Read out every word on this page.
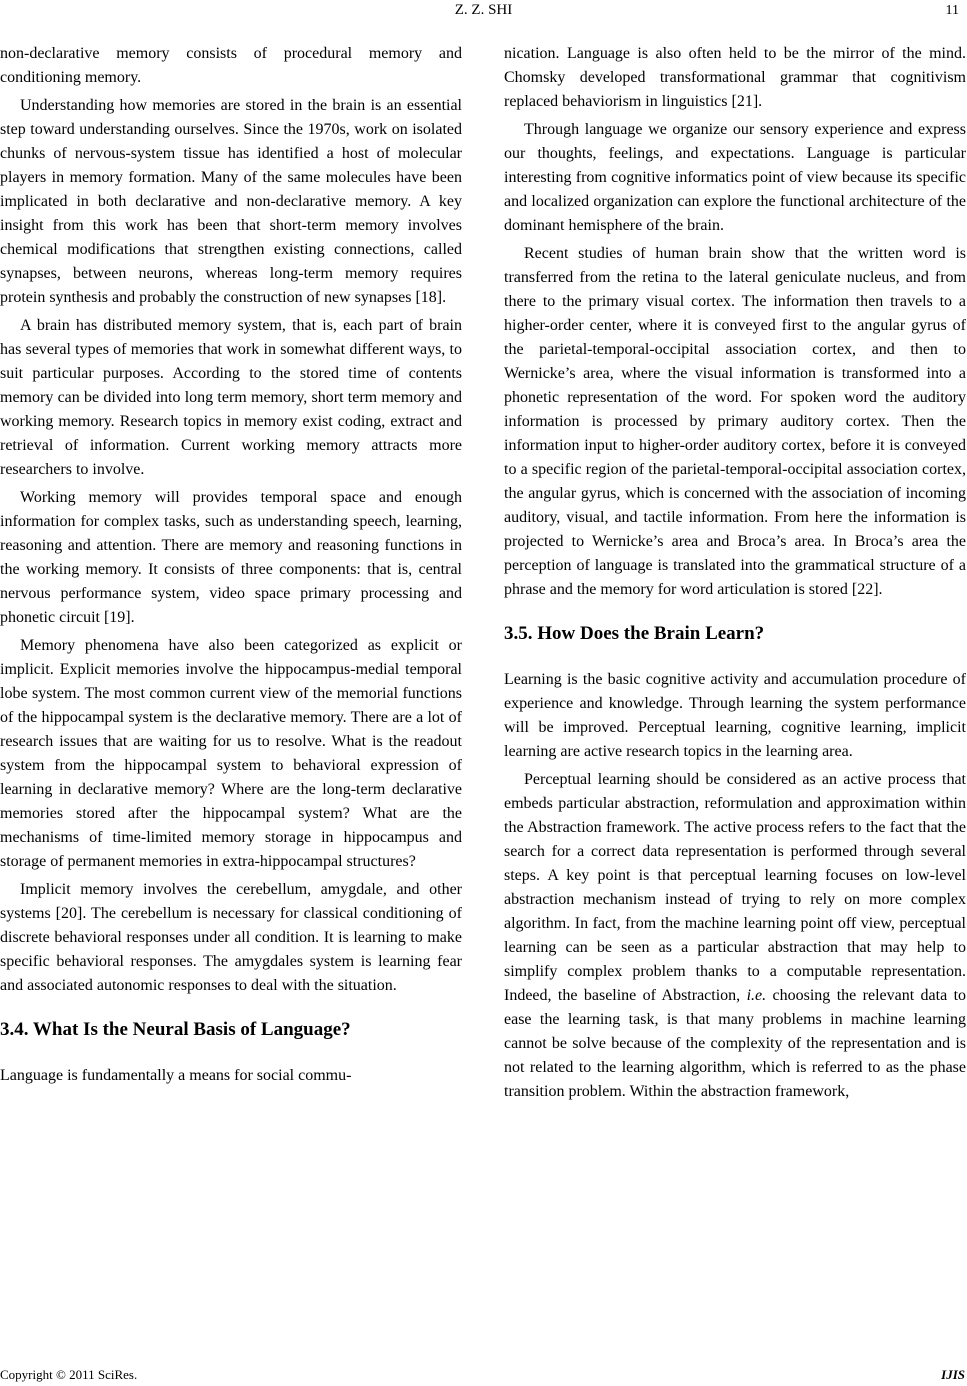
Z. Z. SHI	11

non-declarative memory consists of procedural memory and conditioning memory.

Understanding how memories are stored in the brain is an essential step toward understanding ourselves. Since the 1970s, work on isolated chunks of nervous-system tissue has identified a host of molecular players in memory formation. Many of the same molecules have been implicated in both declarative and non-declarative memory. A key insight from this work has been that short-term memory involves chemical modifications that strengthen existing connections, called synapses, between neurons, whereas long-term memory requires protein synthesis and probably the construction of new synapses [18].

A brain has distributed memory system, that is, each part of brain has several types of memories that work in somewhat different ways, to suit particular purposes. According to the stored time of contents memory can be divided into long term memory, short term memory and working memory. Research topics in memory exist coding, extract and retrieval of information. Current working memory attracts more researchers to involve.

Working memory will provides temporal space and enough information for complex tasks, such as understanding speech, learning, reasoning and attention. There are memory and reasoning functions in the working memory. It consists of three components: that is, central nervous performance system, video space primary processing and phonetic circuit [19].

Memory phenomena have also been categorized as explicit or implicit. Explicit memories involve the hippocampus-medial temporal lobe system. The most common current view of the memorial functions of the hippocampal system is the declarative memory. There are a lot of research issues that are waiting for us to resolve. What is the readout system from the hippocampal system to behavioral expression of learning in declarative memory? Where are the long-term declarative memories stored after the hippocampal system? What are the mechanisms of time-limited memory storage in hippocampus and storage of permanent memories in extra-hippocampal structures?

Implicit memory involves the cerebellum, amygdale, and other systems [20]. The cerebellum is necessary for classical conditioning of discrete behavioral responses under all condition. It is learning to make specific behavioral responses. The amygdales system is learning fear and associated autonomic responses to deal with the situation.

3.4. What Is the Neural Basis of Language?

Language is fundamentally a means for social commu-

nication. Language is also often held to be the mirror of the mind. Chomsky developed transformational grammar that cognitivism replaced behaviorism in linguistics [21].

Through language we organize our sensory experience and express our thoughts, feelings, and expectations. Language is particular interesting from cognitive informatics point of view because its specific and localized organization can explore the functional architecture of the dominant hemisphere of the brain.

Recent studies of human brain show that the written word is transferred from the retina to the lateral geniculate nucleus, and from there to the primary visual cortex. The information then travels to a higher-order center, where it is conveyed first to the angular gyrus of the parietal-temporal-occipital association cortex, and then to Wernicke’s area, where the visual information is transformed into a phonetic representation of the word. For spoken word the auditory information is processed by primary auditory cortex. Then the information input to higher-order auditory cortex, before it is conveyed to a specific region of the parietal-temporal-occipital association cortex, the angular gyrus, which is concerned with the association of incoming auditory, visual, and tactile information. From here the information is projected to Wernicke’s area and Broca’s area. In Broca’s area the perception of language is translated into the grammatical structure of a phrase and the memory for word articulation is stored [22].

3.5. How Does the Brain Learn?

Learning is the basic cognitive activity and accumulation procedure of experience and knowledge. Through learning the system performance will be improved. Perceptual learning, cognitive learning, implicit learning are active research topics in the learning area.

Perceptual learning should be considered as an active process that embeds particular abstraction, reformulation and approximation within the Abstraction framework. The active process refers to the fact that the search for a correct data representation is performed through several steps. A key point is that perceptual learning focuses on low-level abstraction mechanism instead of trying to rely on more complex algorithm. In fact, from the machine learning point off view, perceptual learning can be seen as a particular abstraction that may help to simplify complex problem thanks to a computable representation. Indeed, the baseline of Abstraction, i.e. choosing the relevant data to ease the learning task, is that many problems in machine learning cannot be solve because of the complexity of the representation and is not related to the learning algorithm, which is referred to as the phase transition problem. Within the abstraction framework,

Copyright © 2011 SciRes.	IJIS
